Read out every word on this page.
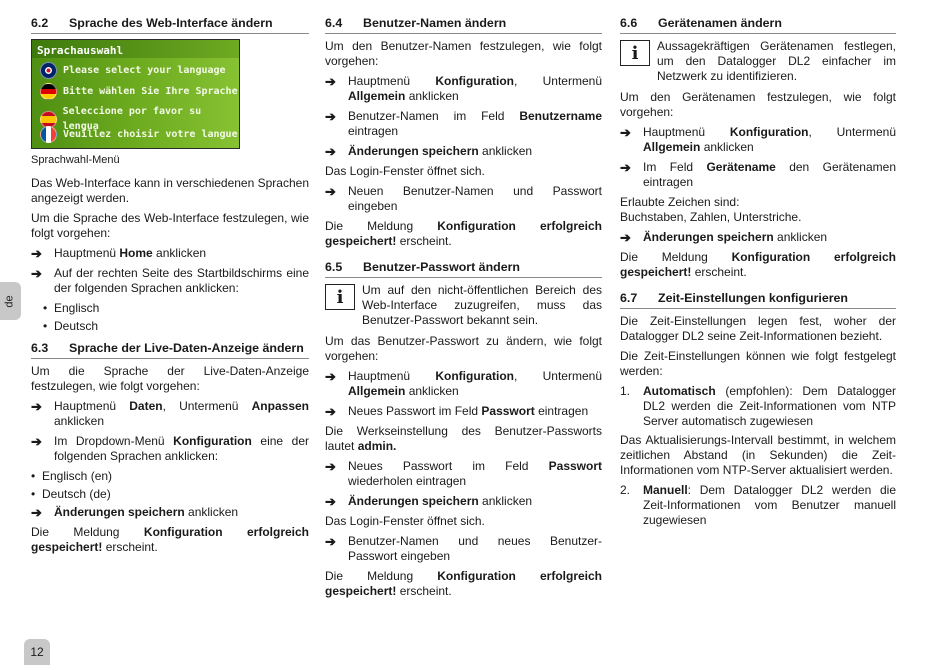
de
12
6.2	Sprache des Web-Interface ändern
Sprachauswahl
Please select your language
Bitte wählen Sie Ihre Sprache
Seleccione por favor su lengua
Veuillez choisir votre langue
Sprachwahl-Menü

Das Web-Interface kann in verschiedenen Sprachen angezeigt werden.

Um die Sprache des Web-Interface festzulegen, wie folgt vorgehen:

➔	Hauptmenü Home anklicken
➔	Auf der rechten Seite des Startbildschirms eine der folgenden Sprachen anklicken:
• Englisch
• Deutsch
6.3	Sprache der Live-Daten-Anzeige ändern

Um die Sprache der Live-Daten-Anzeige festzulegen, wie folgt vorgehen:

➔	Hauptmenü Daten, Untermenü Anpassen anklicken
➔	Im Dropdown-Menü Konfiguration eine der folgenden Sprachen anklicken:
• Englisch (en)
• Deutsch (de)
➔	Änderungen speichern anklicken

Die Meldung Konfiguration erfolgreich gespeichert! erscheint.

6.4	Benutzer-Namen ändern

Um den Benutzer-Namen festzulegen, wie folgt vorgehen:

➔	Hauptmenü Konfiguration, Untermenü Allgemein anklicken
➔	Benutzer-Namen im Feld Benutzername eintragen
➔	Änderungen speichern anklicken

Das Login-Fenster öffnet sich.

➔	Neuen Benutzer-Namen und Passwort eingeben

Die Meldung Konfiguration erfolgreich gespeichert! erscheint.

6.5	Benutzer-Passwort ändern
i	Um auf den nicht-öffentlichen Bereich des Web-Interface zuzugreifen, muss das Benutzer-Passwort bekannt sein.

Um das Benutzer-Passwort zu ändern, wie folgt vorgehen:

➔	Hauptmenü Konfiguration, Untermenü Allgemein anklicken
➔	Neues Passwort im Feld Passwort eintragen

Die Werkseinstellung des Benutzer-Passworts lautet admin.

➔	Neues Passwort im Feld Passwort wiederholen eintragen
➔	Änderungen speichern anklicken

Das Login-Fenster öffnet sich.

➔	Benutzer-Namen und neues Benutzer-Passwort eingeben

Die Meldung Konfiguration erfolgreich gespeichert! erscheint.

6.6	Gerätenamen ändern
i	Aussagekräftigen Gerätenamen festlegen, um den Datalogger DL2 einfacher im Netzwerk zu identifizieren.

Um den Gerätenamen festzulegen, wie folgt vorgehen:

➔	Hauptmenü Konfiguration, Untermenü Allgemein anklicken
➔	Im Feld Gerätename den Gerätenamen eintragen

Erlaubte Zeichen sind:

Buchstaben, Zahlen, Unterstriche.

➔	Änderungen speichern anklicken

Die Meldung Konfiguration erfolgreich gespeichert! erscheint.

6.7	Zeit-Einstellungen konfigurieren

Die Zeit-Einstellungen legen fest, woher der Datalogger DL2 seine Zeit-Informationen bezieht.

Die Zeit-Einstellungen können wie folgt festgelegt werden:

1.	Automatisch (empfohlen): Dem Datalogger DL2 werden die Zeit-Informationen vom NTP Server automatisch zugewiesen

Das Aktualisierungs-Intervall bestimmt, in welchem zeitlichen Abstand (in Sekunden) die Zeit-Informationen vom NTP-Server aktualisiert werden.

2.	Manuell: Dem Datalogger DL2 werden die Zeit-Informationen vom Benutzer manuell zugewiesen
